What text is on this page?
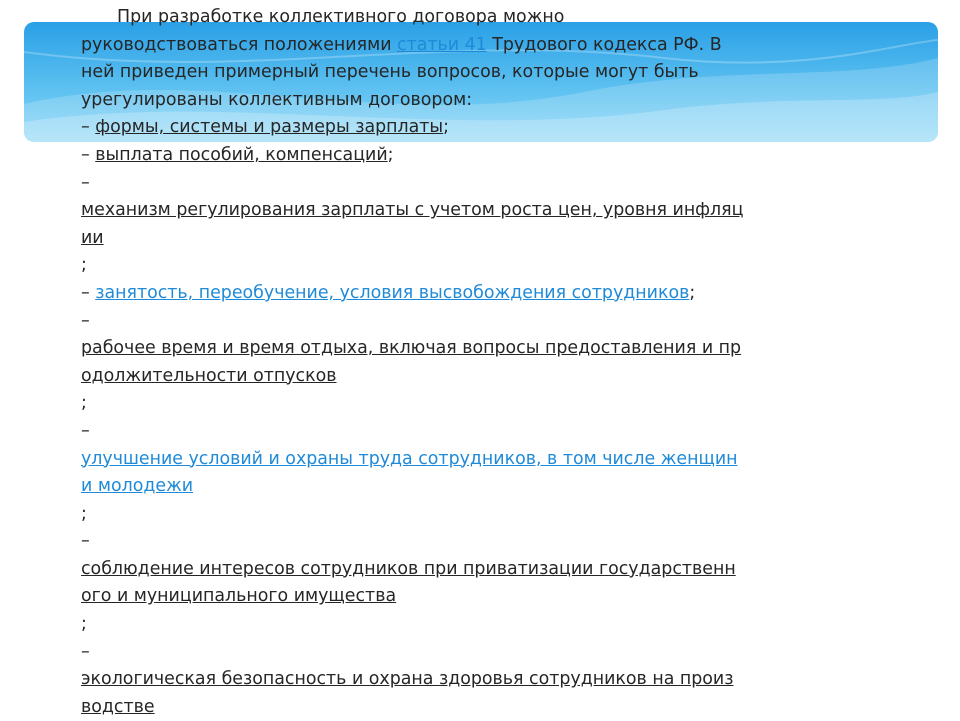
При разработке коллективного договора можно
руководствоваться положениями статьи 41 Трудового кодекса РФ. В
ней приведен примерный перечень вопросов, которые могут быть
урегулированы коллективным договором:
– формы, системы и размеры зарплаты;
– выплата пособий, компенсаций;
–
механизм регулирования зарплаты с учетом роста цен, уровня инфляц
ии
;
– занятость, переобучение, условия высвобождения сотрудников;
–
рабочее время и время отдыха, включая вопросы предоставления и пр
одолжительности отпусков
;
–
улучшение условий и охраны труда сотрудников, в том числе женщин
и молодежи
;
–
соблюдение интересов сотрудников при приватизации государственн
ого и муниципального имущества
;
–
экологическая безопасность и охрана здоровья сотрудников на произ
водстве
